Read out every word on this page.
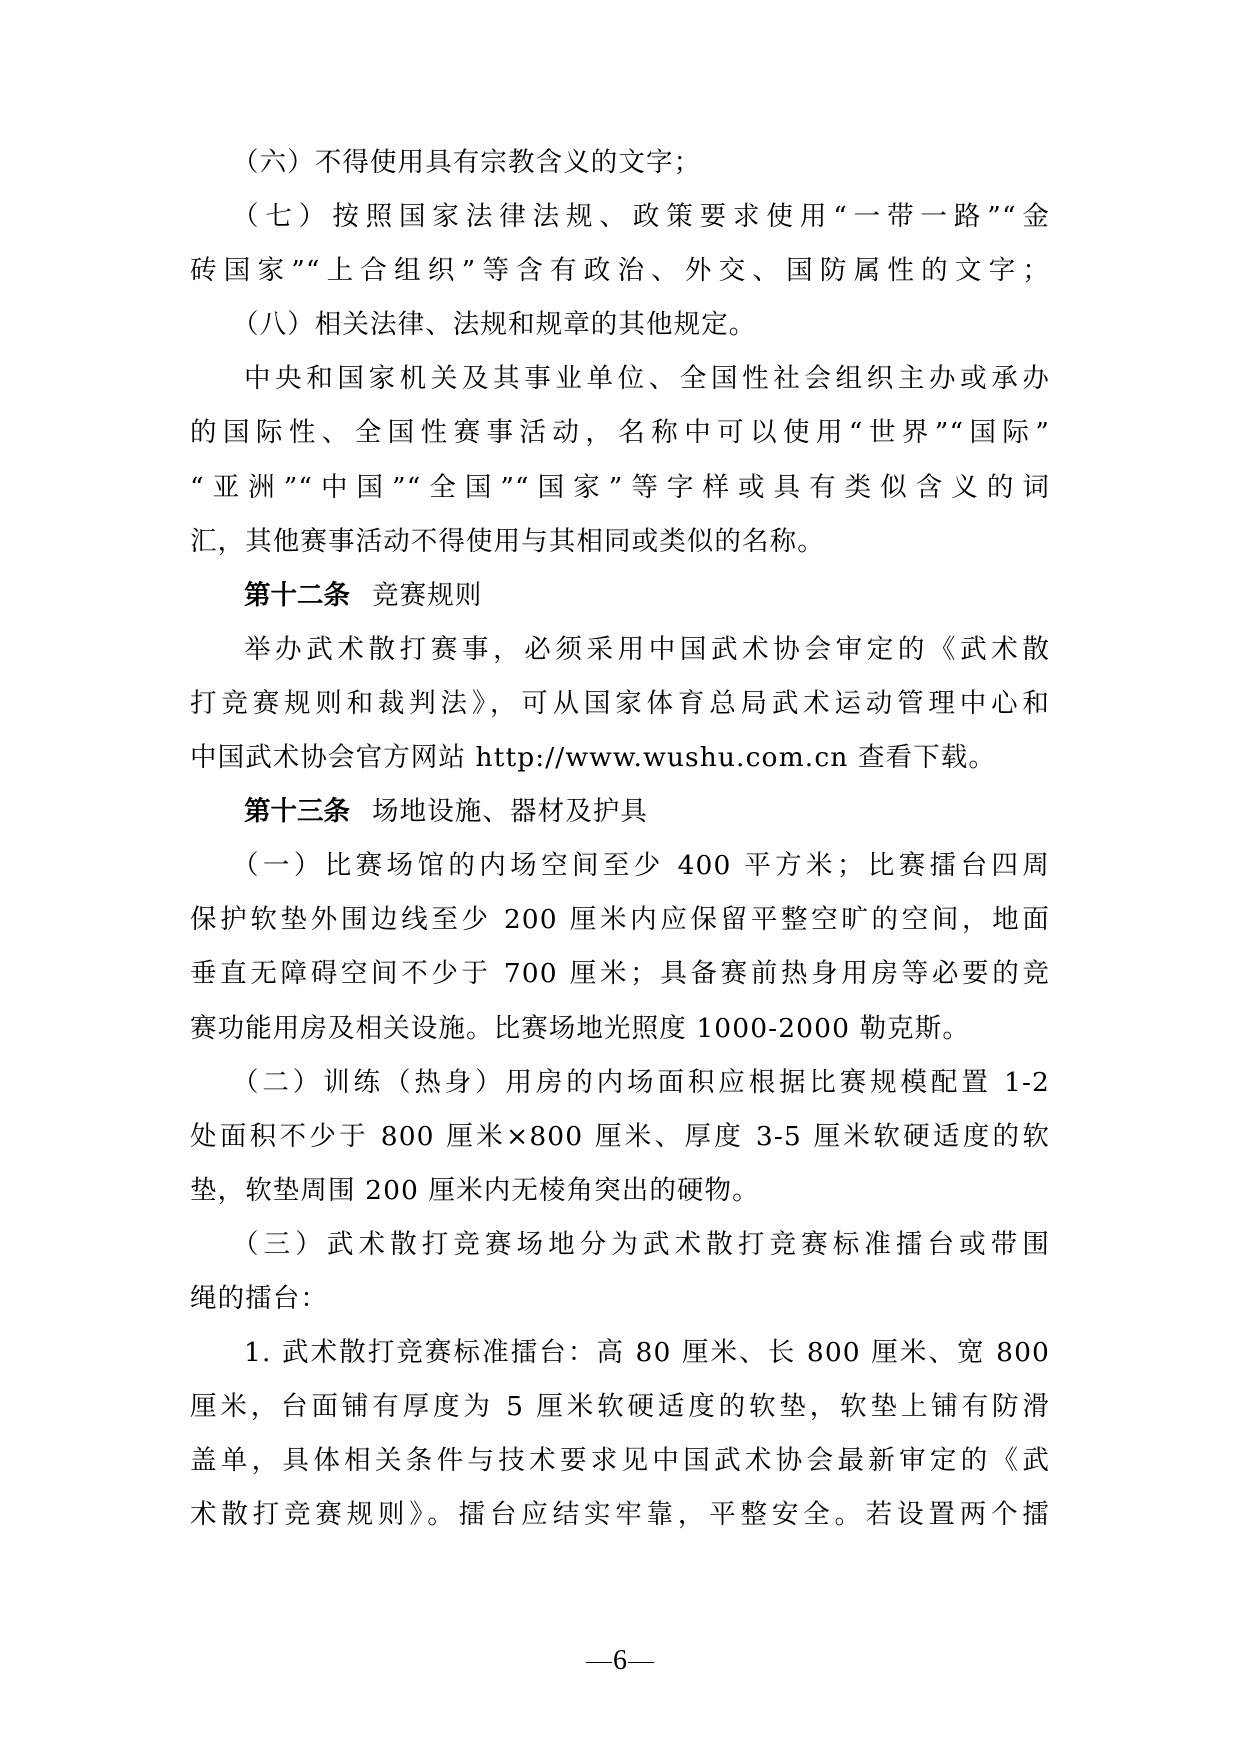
（六）不得使用具有宗教含义的文字；
（七）按照国家法律法规、政策要求使用“一带一路”“金
砖国家”“上合组织”等含有政治、外交、国防属性的文字；
（八）相关法律、法规和规章的其他规定。
中央和国家机关及其事业单位、全国性社会组织主办或承办
的国际性、全国性赛事活动，名称中可以使用“世界”“国际”
“亚洲”“中国”“全国”“国家”等字样或具有类似含义的词
汇，其他赛事活动不得使用与其相同或类似的名称。
第十二条 竞赛规则
举办武术散打赛事，必须采用中国武术协会审定的《武术散
打竞赛规则和裁判法》，可从国家体育总局武术运动管理中心和
中国武术协会官方网站 http://www.wushu.com.cn 查看下载。
第十三条 场地设施、器材及护具
（一）比赛场馆的内场空间至少 400 平方米；比赛擂台四周
保护软垫外围边线至少 200 厘米内应保留平整空旷的空间，地面
垂直无障碍空间不少于 700 厘米；具备赛前热身用房等必要的竞
赛功能用房及相关设施。比赛场地光照度 1000-2000 勒克斯。
（二）训练（热身）用房的内场面积应根据比赛规模配置 1-2
处面积不少于 800 厘米×800 厘米、厚度 3-5 厘米软硬适度的软
垫，软垫周围 200 厘米内无棱角突出的硬物。
（三）武术散打竞赛场地分为武术散打竞赛标准擂台或带围
绳的擂台：
1. 武术散打竞赛标准擂台：高 80 厘米、长 800 厘米、宽 800
厘米，台面铺有厚度为 5 厘米软硬适度的软垫，软垫上铺有防滑
盖单，具体相关条件与技术要求见中国武术协会最新审定的《武
术散打竞赛规则》。擂台应结实牢靠，平整安全。若设置两个擂
6
